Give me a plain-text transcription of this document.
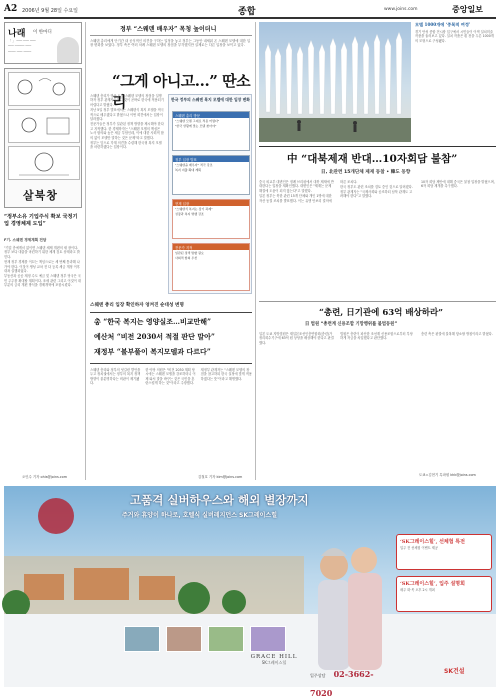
A2 2006년 9월 28일 수요일	종합	www.joins.com	중앙일보
나래 이 한마디

「 」 ─── ─── ───

─── ───── ───

──── ─── ────

살북창
“정부소유 기업주식 확보 국정기업 경영체제 도입”
F기. 스웨덴 경제계획 전담

"기업 총에게서 없이면 스웨덴 체제 개편의 새 장이다. 정부 보다 대출을 마련하기 위한 체계 검토 상태라고 밝힌다.

현재 정부 경제를 이끄는 책임으로는 세 번째 통과해 나가야 한다. 이것이 생성 교차 전 다 등록 세금 개정 이후 대폭 실행되었다.

부동산과 공공 재정 수도 예금 및 스웨덴 정부 당국은 국민 주주를 확대할 계획이다. 조세 관련 그리고 이것이 대부분의 금리 개편 방식을 경제개혁에 포함시켰다.

오인수 기자 ohis@joins.com
정부 “스웨덴 배우자” 목청 높이더니
스웨덴 총리에게 단기간 내 공식적인 의견을 구하는 일정을 놓고 정부는 그동안 내세워 온 스웨덴 모델에 대한 입장 변화를 보였다. 정부 측은 여러 차례 스웨덴 모델의 장점을 부각했지만 실제로는 다른 입장을 보이고 있다.
“그게 아니고…” 딴소리

스웨덴 총리가 방문 도중 스웨덴 모델의 장점을 설명하자 정부 관계자들은 그것이 곧바로 한국에 적용되기 어렵다고 밝혔다.

지난 5일 정부 발표에서는 스웨덴식 복지 모델을 적극적으로 배우겠다고 밝혔으나 이번 회견에서는 입장이 달라졌다.

전문가들은 정부가 일관된 정책 방향을 제시해야 한다고 지적했다. 한 경제학자는 "스웨덴 모델의 핵심은 노사 합의와 높은 세금 부담인데, 이에 대한 사회적 합의 없이 모델만 말하는 것은 문제"라고 말했다.

정부는 앞으로 각계 의견을 수렴해 한국형 복지 모델을 마련하겠다는 입장이다.

한국 정부의 스웨덴 복지 모델에 대한 입장 변화
스웨덴 총리 방문
"스웨덴 모델 그대로 적용 어렵다"
"한국 상황에 맞는 모델 찾아야"
정부 입장 발표
"스웨덴을 배우자" 적극 강조
복지 지출 확대 계획
현재 입장
"스웨덴식 복지는 장기 과제"
성장과 복지 병행 강조
전문가 지적
일관된 정책 방향 필요
사회적 합의 우선
스웨덴 총리 입장 확인하자 엉켜진 순대성 변명
총 “한국 복지는 영양실조…비교만해”
예산처 “비전 2030서 적절 판단 말아”
재정부 “불부풀이 복지모델과 다르다”

스웨덴 총리와 정부의 엇갈린 발언을 두고 정치권에서는 정부의 복지 정책 방향이 불분명하다는 비판이 제기됐다.

한 야당 의원은 "비전 2030 계획 당시에는 스웨덴 모델을 강조하더니 이제 와서 말을 바꾸는 것은 국민을 혼란스럽게 하는 것"이라고 주장했다.

재정부 관계자는 "스웨덴 모델의 장점을 참고하되 한국 실정에 맞게 적용하겠다는 뜻"이라고 해명했다.

김철호 기자 kim@joins.com
모델 1000개에 ‘중복적 여정’
경기 안성 종합 전시장 입구에서 시민들이 이색 설치미술 작품을 둘러보고 있다. 설치 작품은 흰 천을 두른 1000개의 모형으로 구성됐다.
中 “대북제재 반대…10자회담 불참”
日, 北관련 15개단체 제재 동참 • 韓도 동향

중국 외교부 대변인은 정례 브리핑에서 대북 제재에 반대한다는 입장을 재확인했다. 대변인은 "제재는 문제 해결에 도움이 되지 않는다"고 말했다.

일본 정부는 북한 관련 15개 단체와 개인 1명에 대한 자산 동결 조치를 발표했다. 이는 유엔 안보리 결의에 따른 조치다.

한국 정부도 관련 조치를 검토 중인 것으로 알려졌다. 정부 관계자는 "국제사회와 공조하되 남북 관계도 고려해야 한다"고 말했다.

10자 회담 제안에 대해 중국은 불참 입장을 밝혔으며, 6자 회담 재개를 촉구했다.

“총련, 日기관에 63억 배상하라”
日 법원 “총련계 신용조합 기망행위를 불법동원”

일본 도쿄 지방법원은 재일본조선인총연합회(총련)가 정리회수기구에 63억 원 상당을 배상해야 한다고 판결했다.

법원은 총련이 파산한 조선계 신용조합으로부터 부당하게 자금을 차입했다고 판단했다.

총련 측은 판결에 불복해 항소할 방침이라고 밝혔다.

도쿄=김현기 특파원 khk@joins.com
고품격 실버하우스와 해외 별장까지
주거와 휴양이 하나로, 호텔식 실버레지던스 SK그레이스힐
‘SK그레이스힐’, 선체험 특전
입주 전 선체험 이벤트 제공
‘SK그레이스힐’, 입주 설명회
매주 화·목 오후 2시 개최
GRACE HILL
SK그레이스힐
입주상담 02-3662-7020
SK건설
